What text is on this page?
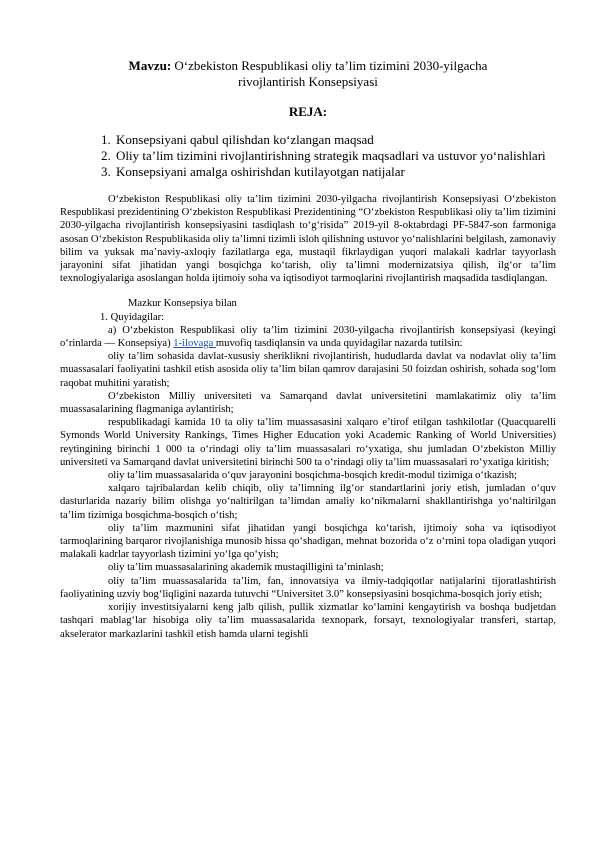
Mavzu: O‘zbekiston Respublikasi oliy ta’lim tizimini 2030-yilgacha rivojlantirish Konsepsiyasi

REJA:

1. Konsepsiyani qabul qilishdan ko‘zlangan maqsad
2. Oliy ta’lim tizimini rivojlantirishning strategik maqsadlari va ustuvor yo‘nalishlari
3. Konsepsiyani amalga oshirishdan kutilayotgan natijalar

O‘zbekiston Respublikasi oliy ta’lim tizimini 2030-yilgacha rivojlantirish Konsepsiyasi O‘zbekiston Respublikasi prezidentining O‘zbekiston Respublikasi Prezidentining “O‘zbekiston Respublikasi oliy ta’lim tizimini 2030-yilgacha rivojlantirish konsepsiyasini tasdiqlash to‘g‘risida” 2019-yil 8-oktabrdagi PF-5847-son farmoniga asosan O‘zbekiston Respublikasida oliy ta’limni tizimli isloh qilishning ustuvor yo‘nalishlarini belgilash, zamonaviy bilim va yuksak ma’naviy-axloqiy fazilatlarga ega, mustaqil fikrlaydigan yuqori malakali kadrlar tayyorlash jarayonini sifat jihatidan yangi bosqichga ko‘tarish, oliy ta’limni modernizatsiya qilish, ilg‘or ta’lim texnologiyalariga asoslangan holda ijtimoiy soha va iqtisodiyot tarmoqlarini rivojlantirish maqsadida tasdiqlangan.

Mazkur Konsepsiya bilan

1. Quyidagilar:

a) O‘zbekiston Respublikasi oliy ta’lim tizimini 2030-yilgacha rivojlantirish konsepsiyasi (keyingi o‘rinlarda — Konsepsiya) 1-ilovaga muvofiq tasdiqlansin va unda quyidagilar nazarda tutilsin:

oliy ta’lim sohasida davlat-xususiy sheriklikni rivojlantirish, hududlarda davlat va nodavlat oliy ta’lim muassasalari faoliyatini tashkil etish asosida oliy ta’lim bilan qamrov darajasini 50 foizdan oshirish, sohada sog‘lom raqobat muhitini yaratish;

O‘zbekiston Milliy universiteti va Samarqand davlat universitetini mamlakatimiz oliy ta’lim muassasalarining flagmaniga aylantirish;

respublikadagi kamida 10 ta oliy ta’lim muassasasini xalqaro e’tirof etilgan tashkilotlar (Quacquarelli Symonds World University Rankings, Times Higher Education yoki Academic Ranking of World Universities) reytingining birinchi 1 000 ta o‘rindagi oliy ta’lim muassasalari ro‘yxatiga, shu jumladan O‘zbekiston Milliy universiteti va Samarqand davlat universitetini birinchi 500 ta o‘rindagi oliy ta’lim muassasalari ro‘yxatiga kiritish;

oliy ta’lim muassasalarida o‘quv jarayonini bosqichma-bosqich kredit-modul tizimiga o‘tkazish;

xalqaro tajribalardan kelib chiqib, oliy ta’limning ilg‘or standartlarini joriy etish, jumladan o‘quv dasturlarida nazariy bilim olishga yo‘naltirilgan ta’limdan amaliy ko‘nikmalarni shakllantirishga yo‘naltirilgan ta’lim tizimiga bosqichma-bosqich o‘tish;

oliy ta’lim mazmunini sifat jihatidan yangi bosqichga ko‘tarish, ijtimoiy soha va iqtisodiyot tarmoqlarining barqaror rivojlanishiga munosib hissa qo‘shadigan, mehnat bozorida o‘z o‘rnini topa oladigan yuqori malakali kadrlar tayyorlash tizimini yo‘lga qo‘yish;

oliy ta’lim muassasalarining akademik mustaqilligini ta’minlash;

oliy ta’lim muassasalarida ta’lim, fan, innovatsiya va ilmiy-tadqiqotlar natijalarini tijoratlashtirish faoliyatining uzviy bog‘liqligini nazarda tutuvchi “Universitet 3.0” konsepsiyasini bosqichma-bosqich joriy etish;

xorijiy investitsiyalarni keng jalb qilish, pullik xizmatlar ko‘lamini kengaytirish va boshqa budjetdan tashqari mablag‘lar hisobiga oliy ta’lim muassasalarida texnopark, forsayt, texnologiyalar transferi, startap, akselerator markazlarini tashkil etish hamda ularni tegishli
